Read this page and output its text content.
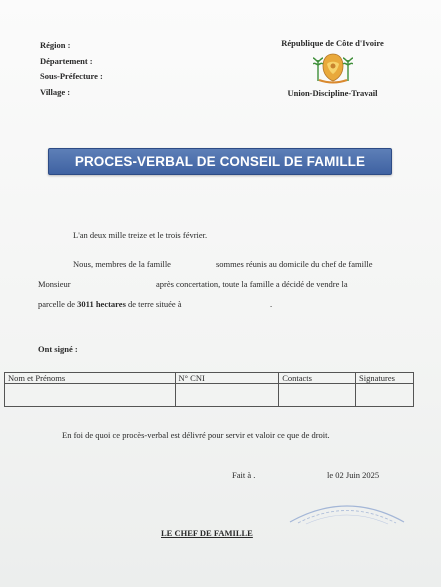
Région :
Département :
Sous-Préfecture :
Village :
République de Côte d'Ivoire
Union-Discipline-Travail
PROCES-VERBAL DE CONSEIL DE FAMILLE
L'an deux mille treize et le trois février.
Nous, membres de la famille	sommes réunis au domicile du chef de famille
Monsieur	après concertation, toute la famille a décidé de vendre la
parcelle de 3011 hectares de terre située à	.
Ont signé :
Nom et Prénoms	N° CNI	Contacts	Signatures

En foi de quoi ce procès-verbal est délivré pour servir et valoir ce que de droit.
Fait à .	le 02 Juin 2025
LE CHEF DE FAMILLE
